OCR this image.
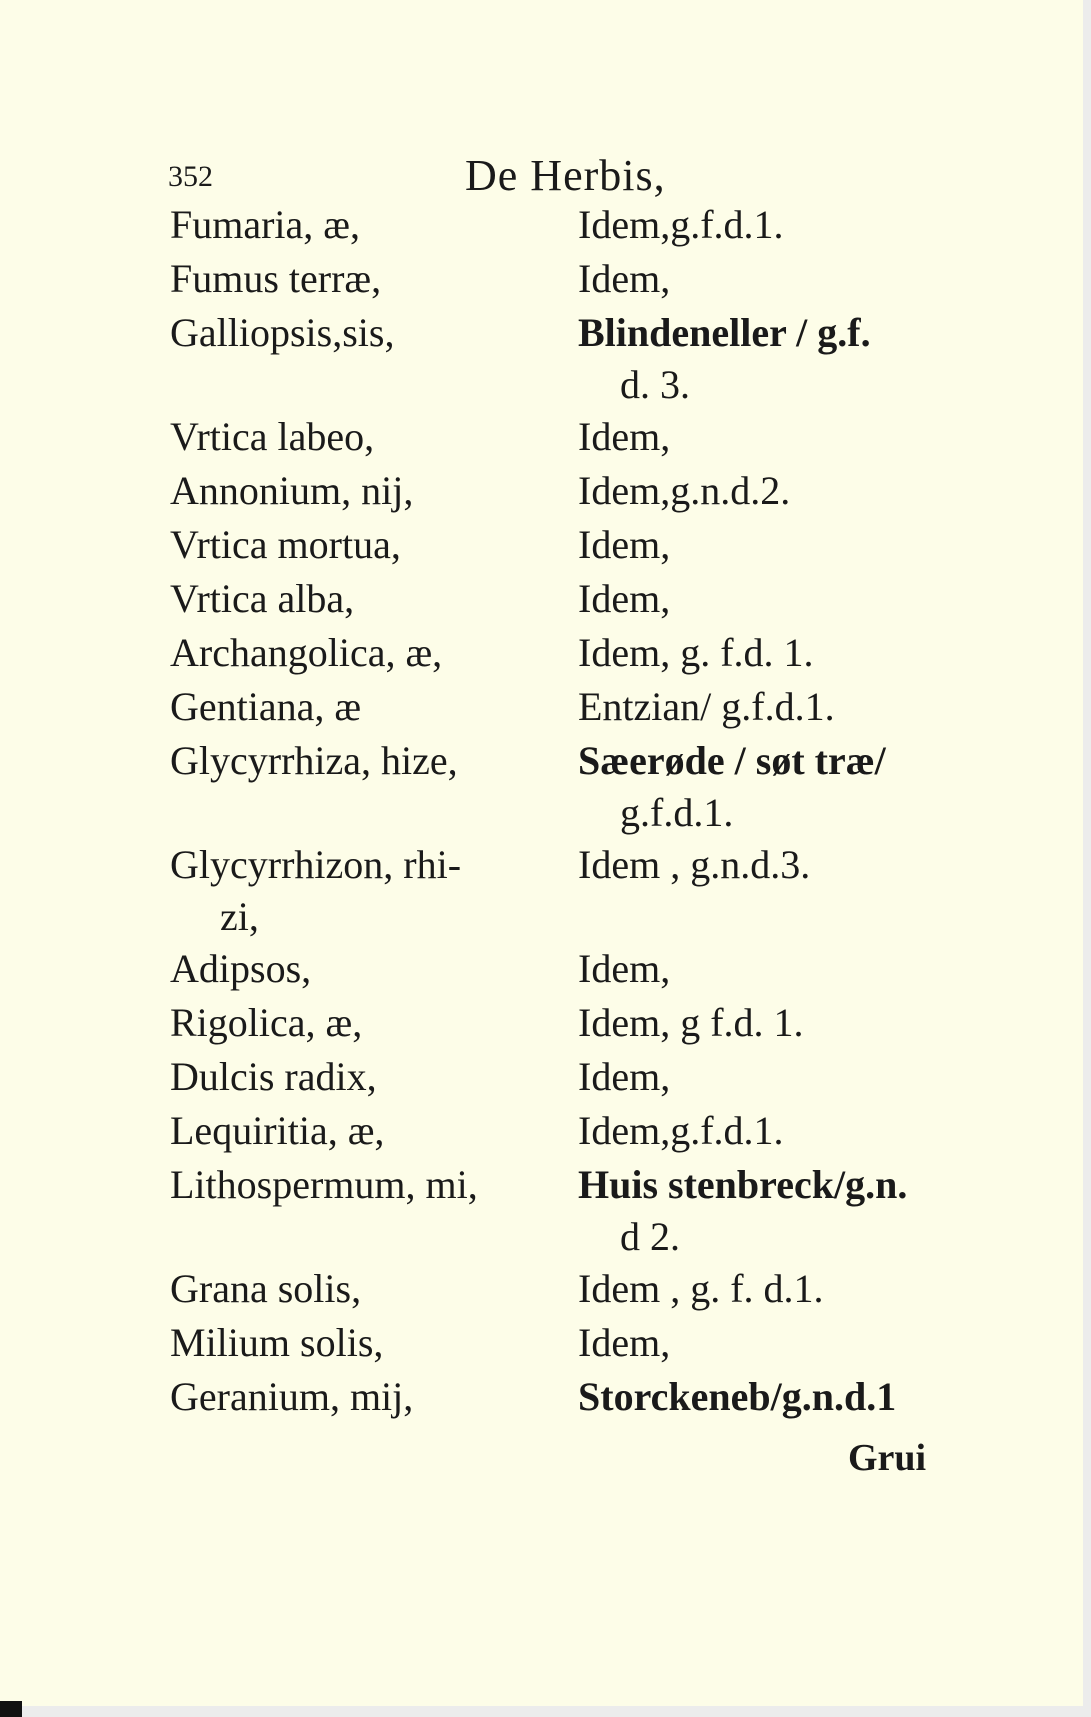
352	De Herbis,
Fumaria, æ,	Idem,g.f.d.1.
Fumus terræ,	Idem,
Galliopsis,sis,	Blindeneller / g.f.
d. 3.
Vrtica labeo,	Idem,
Annonium, nij,	Idem,g.n.d.2.
Vrtica mortua,	Idem,
Vrtica alba,	Idem,
Archangolica, æ,	Idem, g. f.d. 1.
Gentiana, æ	Entzian/ g.f.d.1.
Glycyrrhiza, hize,	Sæerøde / søt træ/
g.f.d.1.
Glycyrrhizon, rhi-	Idem , g.n.d.3.
zi,
Adipsos,	Idem,
Rigolica, æ,	Idem, g f.d. 1.
Dulcis radix,	Idem,
Lequiritia, æ,	Idem,g.f.d.1.
Lithospermum, mi,	Huis stenbreck/g.n.
d 2.
Grana solis,	Idem , g. f. d.1.
Milium solis,	Idem,
Geranium, mij,	Storckeneb/g.n.d.1
Grui
